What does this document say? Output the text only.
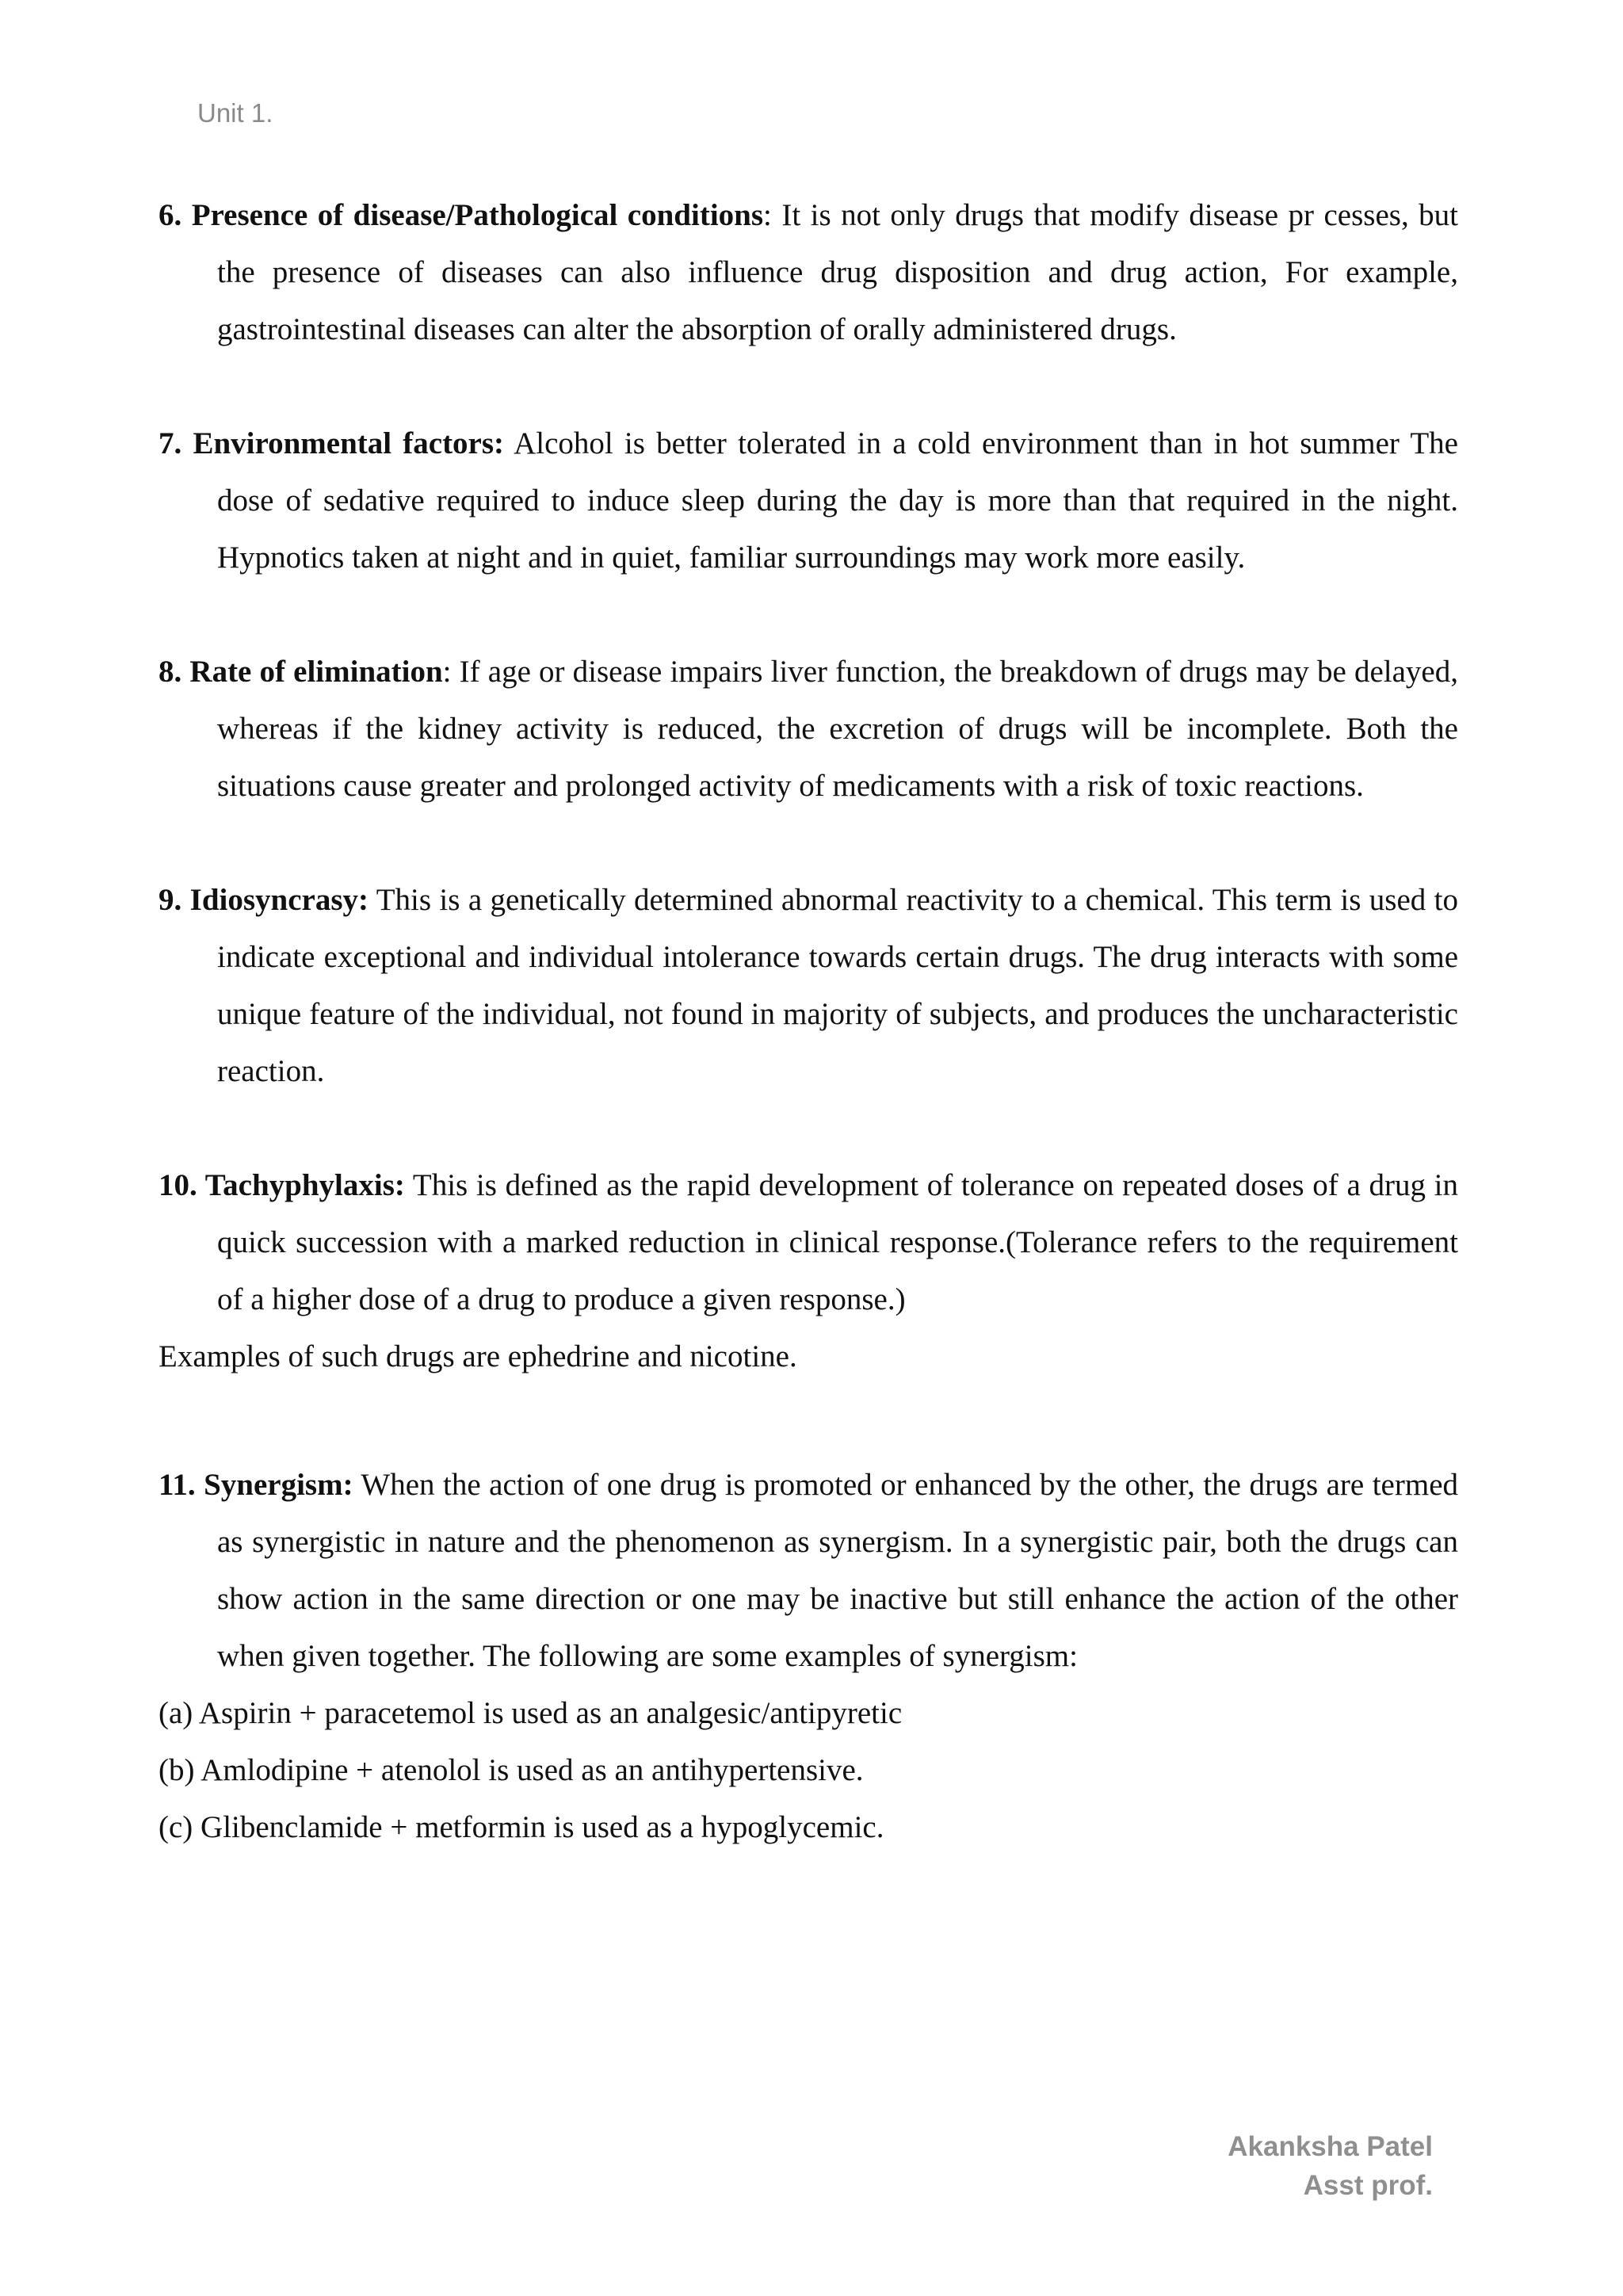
Unit 1.

6. Presence of disease/Pathological conditions: It is not only drugs that modify disease pr cesses, but the presence of diseases can also influence drug disposition and drug action, For example, gastrointestinal diseases can alter the absorption of orally administered drugs.

7. Environmental factors: Alcohol is better tolerated in a cold environment than in hot summer The dose of sedative required to induce sleep during the day is more than that required in the night. Hypnotics taken at night and in quiet, familiar surroundings may work more easily.

8. Rate of elimination: If age or disease impairs liver function, the breakdown of drugs may be delayed, whereas if the kidney activity is reduced, the excretion of drugs will be incomplete. Both the situations cause greater and prolonged activity of medicaments with a risk of toxic reactions.

9. Idiosyncrasy: This is a genetically determined abnormal reactivity to a chemical. This term is used to indicate exceptional and individual intolerance towards certain drugs. The drug interacts with some unique feature of the individual, not found in majority of subjects, and produces the uncharacteristic reaction.

10. Tachyphylaxis: This is defined as the rapid development of tolerance on repeated doses of a drug in quick succession with a marked reduction in clinical response.(Tolerance refers to the requirement of a higher dose of a drug to produce a given response.)

Examples of such drugs are ephedrine and nicotine.

11. Synergism: When the action of one drug is promoted or enhanced by the other, the drugs are termed as synergistic in nature and the phenomenon as synergism. In a synergistic pair, both the drugs can show action in the same direction or one may be inactive but still enhance the action of the other when given together. The following are some examples of synergism:

(a) Aspirin + paracetemol is used as an analgesic/antipyretic

(b) Amlodipine + atenolol is used as an antihypertensive.

(c) Glibenclamide + metformin is used as a hypoglycemic.

Akanksha Patel
Asst prof.
